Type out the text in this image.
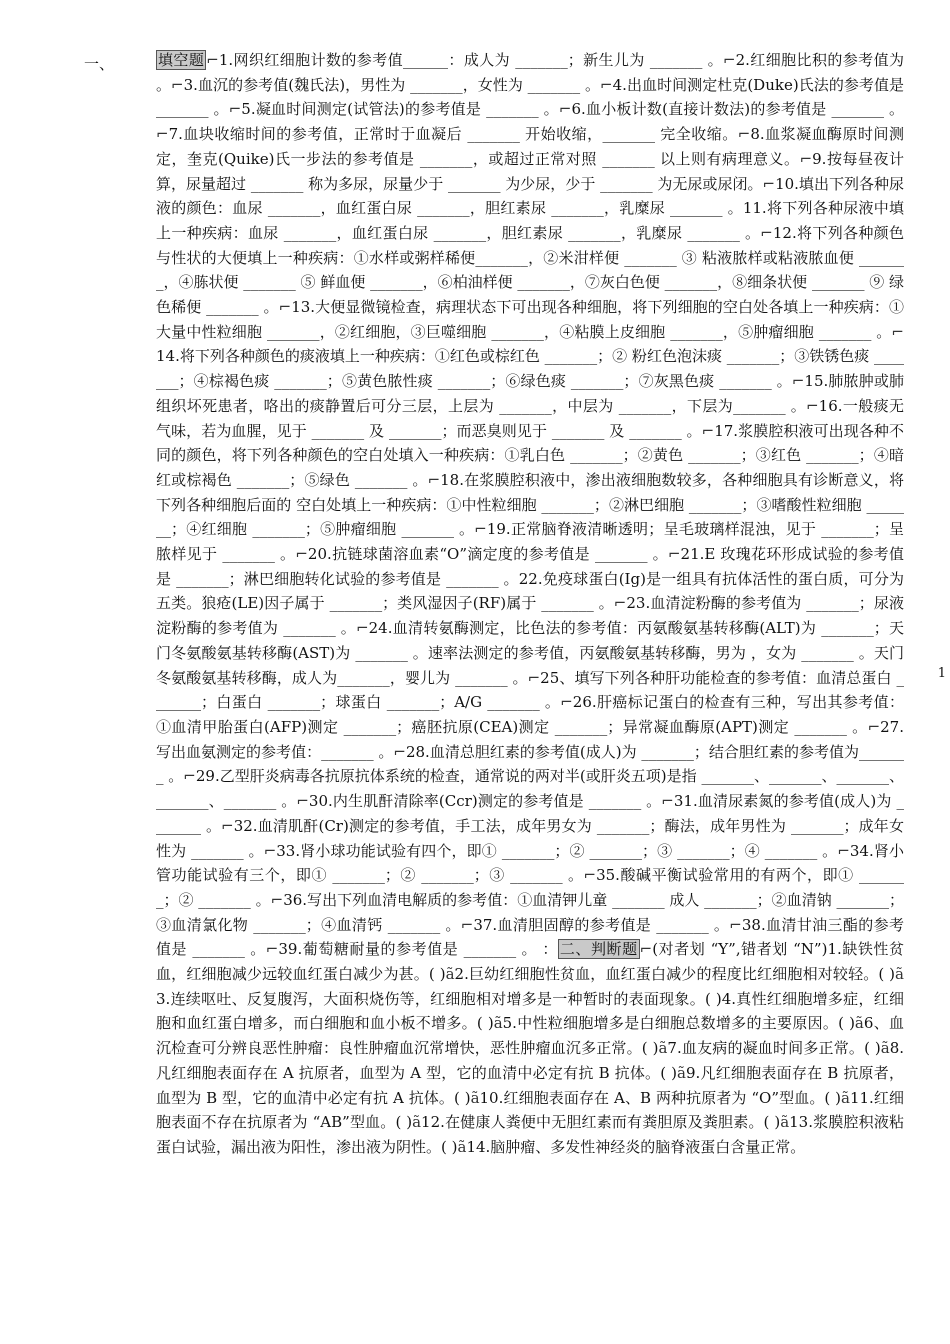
一、	填空题 ⌐1.网织红细胞计数的参考值______：成人为 _______；新生儿为 _______ 。⌐2.红细胞比积的参考值为 。⌐3.血沉的参考值(魏氏法)，男性为 _______，女性为 _______ 。⌐4.出血时间测定杜克(Duke)氏法的参考值是 _______ 。⌐5.凝血时间测定(试管法)的参考值是 _______ 。⌐6.血小板计数(直接计数法)的参考值是 _______ 。⌐7.血块收缩时间的参考值，正常时于血凝后 _______ 开始收缩，_______ 完全收缩。⌐8.血浆凝血酶原时间测定，奎克(Quike)氏一步法的参考值是 _______，或超过正常对照 _______ 以上则有病理意义。⌐9.按每昼夜计算，尿量超过 _______ 称为多尿，尿量少于 _______ 为少尿，少于 _______ 为无尿或尿闭。⌐10.填出下列各种尿液的颜色：血尿 _______，血红蛋白尿 _______，胆红素尿 _______，乳糜尿 _______ 。11.将下列各种尿液中填上一种疾病：血尿 _______，血红蛋白尿 _______，胆红素尿 _______，乳糜尿 _______ 。⌐12.将下列各种颜色与性状的大便填上一种疾病：①水样或粥样稀便_______，②米泔样便 _______ ③ 粘液脓样或粘液脓血便 _______，④胨状便 _______ ⑤ 鲜血便 _______，⑥柏油样便 _______，⑦灰白色便 _______，⑧细条状便 _______ ⑨ 绿色稀便 _______ 。⌐13.大便显微镜检查，病理状态下可出现各种细胞，将下列细胞的空白处各填上一种疾病：①大量中性粒细胞 _______，②红细胞，③巨噬细胞 _______，④粘膜上皮细胞 _______，⑤肿瘤细胞 _______ 。⌐14.将下列各种颜色的痰液填上一种疾病：①红色或棕红色 _______；② 粉红色泡沫痰 _______；③铁锈色痰 _______；④棕褐色痰 _______；⑤黄色脓性痰 _______；⑥绿色痰 _______；⑦灰黑色痰 _______ 。⌐15.肺脓肿或肺组织坏死患者，咯出的痰静置后可分三层，上层为 _______，中层为 _______，下层为_______ 。⌐16.一般痰无气味，若为血腥，见于 _______ 及 _______；而恶臭则见于 _______ 及 _______ 。⌐17.浆膜腔积液可出现各种不同的颜色，将下列各种颜色的空白处填入一种疾病：①乳白色 _______；②黄色 _______；③红色 _______；④暗红或棕褐色 _______；⑤绿色 _______ 。⌐18.在浆膜腔积液中，渗出液细胞数较多，各种细胞具有诊断意义，将下列各种细胞后面的 空白处填上一种疾病：①中性粒细胞 _______；②淋巴细胞 _______；③嗜酸性粒细胞 _______；④红细胞 _______；⑤肿瘤细胞 _______ 。⌐19.正常脑脊液清晰透明；呈毛玻璃样混浊，见于 _______；呈脓样见于 _______ 。⌐20.抗链球菌溶血素“O”滴定度的参考值是 _______ 。⌐21.E 玫瑰花环形成试验的参考值是 _______；淋巴细胞转化试验的参考值是 _______ 。22.免疫球蛋白(Ig)是一组具有抗体活性的蛋白质，可分为五类。狼疮(LE)因子属于 _______；类风湿因子(RF)属于 _______ 。⌐23.血清淀粉酶的参考值为 _______；尿液淀粉酶的参考值为 _______ 。⌐24.血清转氨酶测定，比色法的参考值：丙氨酸氨基转移酶(ALT)为 _______；天门冬氨酸氨基转移酶(AST)为 _______ 。速率法测定的参考值，丙氨酸氨基转移酶，男为 ，女为 _______ 。天门冬氨酸氨基转移酶，成人为_______，婴儿为 _______ 。⌐25、填写下列各种肝功能检查的参考值：血清总蛋白 _______；白蛋白 _______；球蛋白 _______；A/G _______ 。⌐26.肝癌标记蛋白的检查有三种，写出其参考值：①血清甲胎蛋白(AFP)测定 _______；癌胚抗原(CEA)测定 _______；异常凝血酶原(APT)测定 _______ 。⌐27.写出血氨测定的参考值：_______ 。⌐28.血清总胆红素的参考值(成人)为 _______；结合胆红素的参考值为_______ 。⌐29.乙型肝炎病毒各抗原抗体系统的检查，通常说的两对半(或肝炎五项)是指 _______、_______、_______、_______、_______ 。⌐30.内生肌酐清除率(Ccr)测定的参考值是 _______ 。⌐31.血清尿素氮的参考值(成人)为 _______ 。⌐32.血清肌酐(Cr)测定的参考值，手工法，成年男女为 _______；酶法，成年男性为 _______；成年女性为 _______ 。⌐33.肾小球功能试验有四个，即① _______；② _______；③ _______；④ _______ 。⌐34.肾小管功能试验有三个，即① _______；② _______；③ _______ 。⌐35.酸碱平衡试验常用的有两个，即① _______；② _______ 。⌐36.写出下列血清电解质的参考值：①血清钾儿童 _______ 成人 _______；②血清钠 _______；③血清氯化物 _______；④血清钙 _______ 。⌐37.血清胆固醇的参考值是 _______ 。⌐38.血清甘油三酯的参考值是 _______ 。⌐39.葡萄糖耐量的参考值是 _______ 。 ： 二、判断题 ⌐(对者划 “Y”,错者划 “N”)1.缺铁性贫血，红细胞减少远较血红蛋白减少为甚。( )ã2.巨幼红细胞性贫血，血红蛋白减少的程度比红细胞相对较轻。( )ã3.连续呕吐、反复腹泻，大面积烧伤等，红细胞相对增多是一种暂时的表面现象。( )4.真性红细胞增多症，红细胞和血红蛋白增多，而白细胞和血小板不增多。( )ã5.中性粒细胞增多是白细胞总数增多的主要原因。( )ã6、血沉检查可分辨良恶性肿瘤：良性肿瘤血沉常增快，恶性肿瘤血沉多正常。( )ã7.血友病的凝血时间多正常。( )ã8.凡红细胞表面存在 A 抗原者，血型为 A 型，它的血清中必定有抗 B 抗体。( )ã9.凡红细胞表面存在 B 抗原者，血型为 B 型，它的血清中必定有抗 A 抗体。( )ã10.红细胞表面存在 A、B 两种抗原者为 “O”型血。( )ã11.红细胞表面不存在抗原者为 “AB”型血。( )ã12.在健康人粪便中无胆红素而有粪胆原及粪胆素。( )ã13.浆膜腔积液粘蛋白试验，漏出液为阳性，渗出液为阴性。( )ã14.脑肿瘤、多发性神经炎的脑脊液蛋白含量正常。
1
